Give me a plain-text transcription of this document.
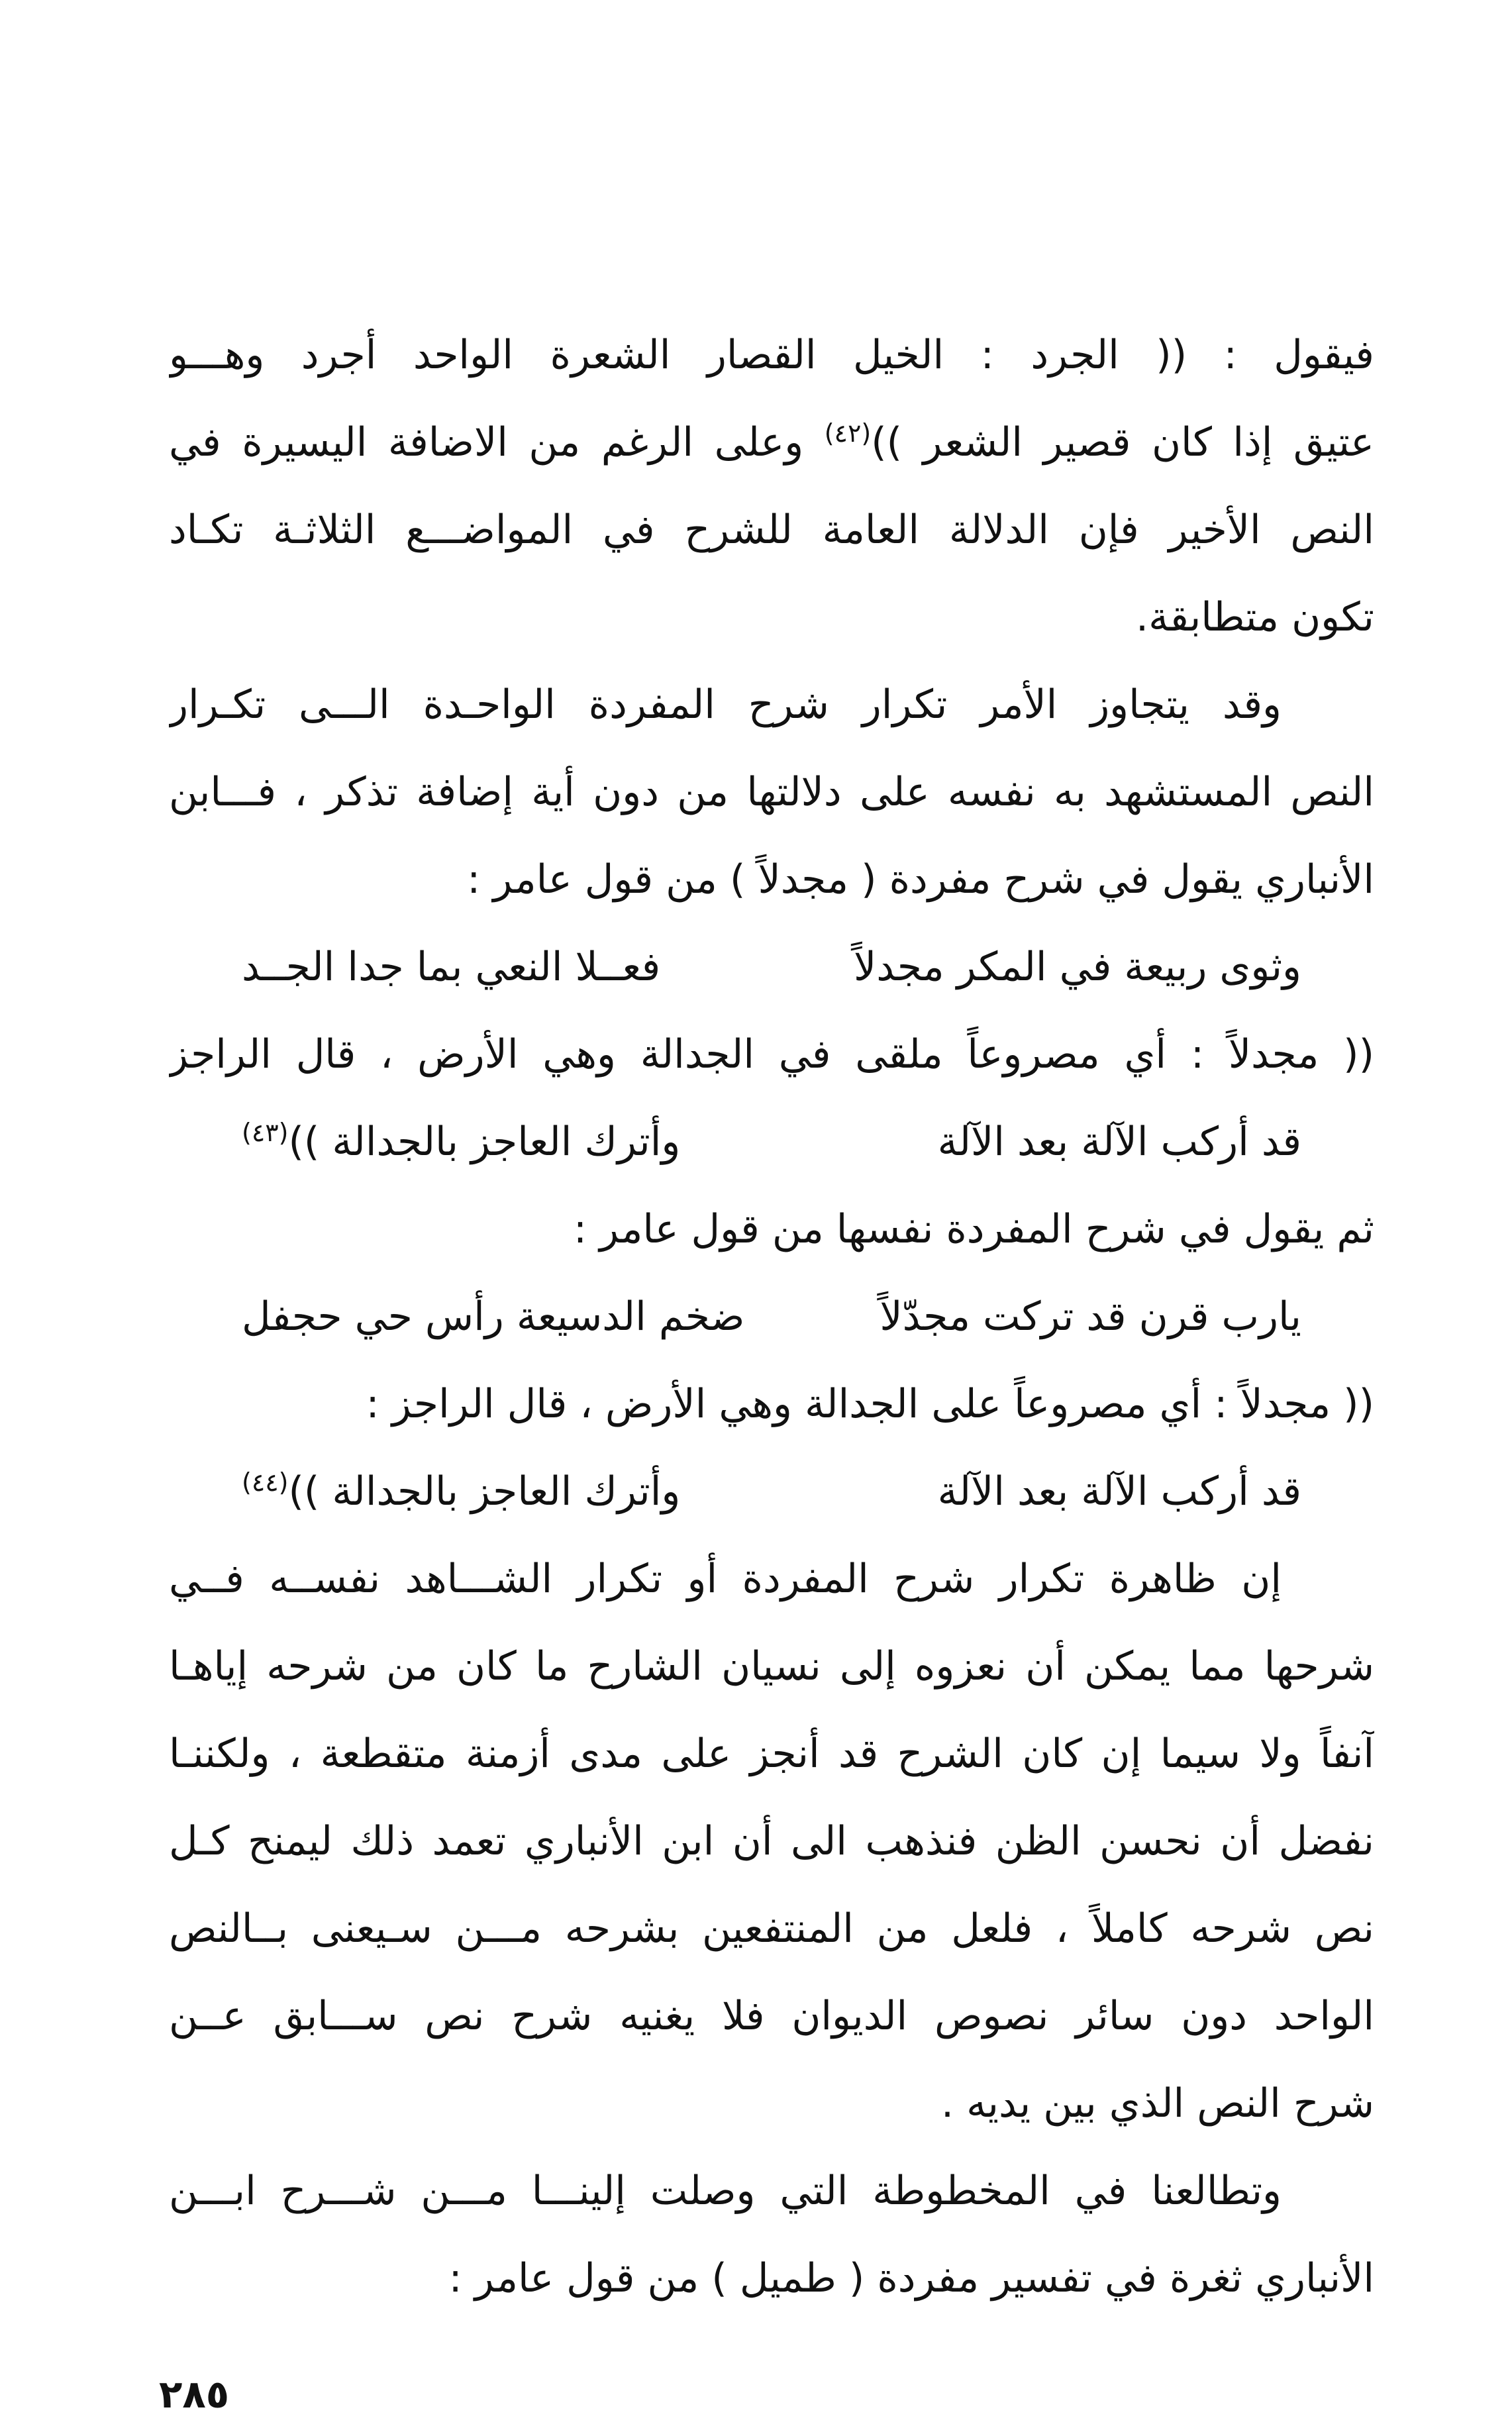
فيقول : (( الجرد : الخيل القصار الشعرة الواحد أجرد وهـــو
عتيق إذا كان قصير الشعر ))$^{(٤٢)}$ وعلى الرغم من الاضافة اليسيرة في
النص الأخير فإن الدلالة العامة للشرح في المواضـــع الثلاثـة تكـاد
تكون متطابقة.
وقد يتجاوز الأمر تكرار شرح المفردة الواحـدة الـــى تكـرار
النص المستشهد به نفسه على دلالتها من دون أية إضافة تذكر ، فـــابن
الأنباري يقول في شرح مفردة ( مجدلاً ) من قول عامر :
وثوى ربيعة في المكر مجدلاً
فعــلا النعي بما جدا الجــد
(( مجدلاً : أي مصروعاً ملقى في الجدالة وهي الأرض ، قال الراجز
قد أركب الآلة بعد الآلة
وأترك العاجز بالجدالة ))(٤٣)
ثم يقول في شرح المفردة نفسها من قول عامر :
يارب قرن قد تركت مجدّلاً
ضخم الدسيعة رأس حي حجفل
(( مجدلاً : أي مصروعاً على الجدالة وهي الأرض ، قال الراجز :
قد أركب الآلة بعد الآلة
وأترك العاجز بالجدالة ))(٤٤)
إن ظاهرة تكرار شرح المفردة أو تكرار الشـــاهد نفســه فــي
شرحها مما يمكن أن نعزوه إلى نسيان الشارح ما كان من شرحه إياهـا
آنفاً ولا سيما إن كان الشرح قد أنجز على مدى أزمنة متقطعة ، ولكننـا
نفضل أن نحسن الظن فنذهب الى أن ابن الأنباري تعمد ذلك ليمنح كـل
نص شرحه كاملاً ، فلعل من المنتفعين بشرحه مـــن سـيعنى بــالنص
الواحد دون سائر نصوص الديوان فلا يغنيه شرح نص ســـابق عــن
شرح النص الذي بين يديه .
وتطالعنا في المخطوطة التي وصلت إلينـــا مـــن شـــرح ابـــن
الأنباري ثغرة في تفسير مفردة ( طميل ) من قول عامر :
٢٨٥
